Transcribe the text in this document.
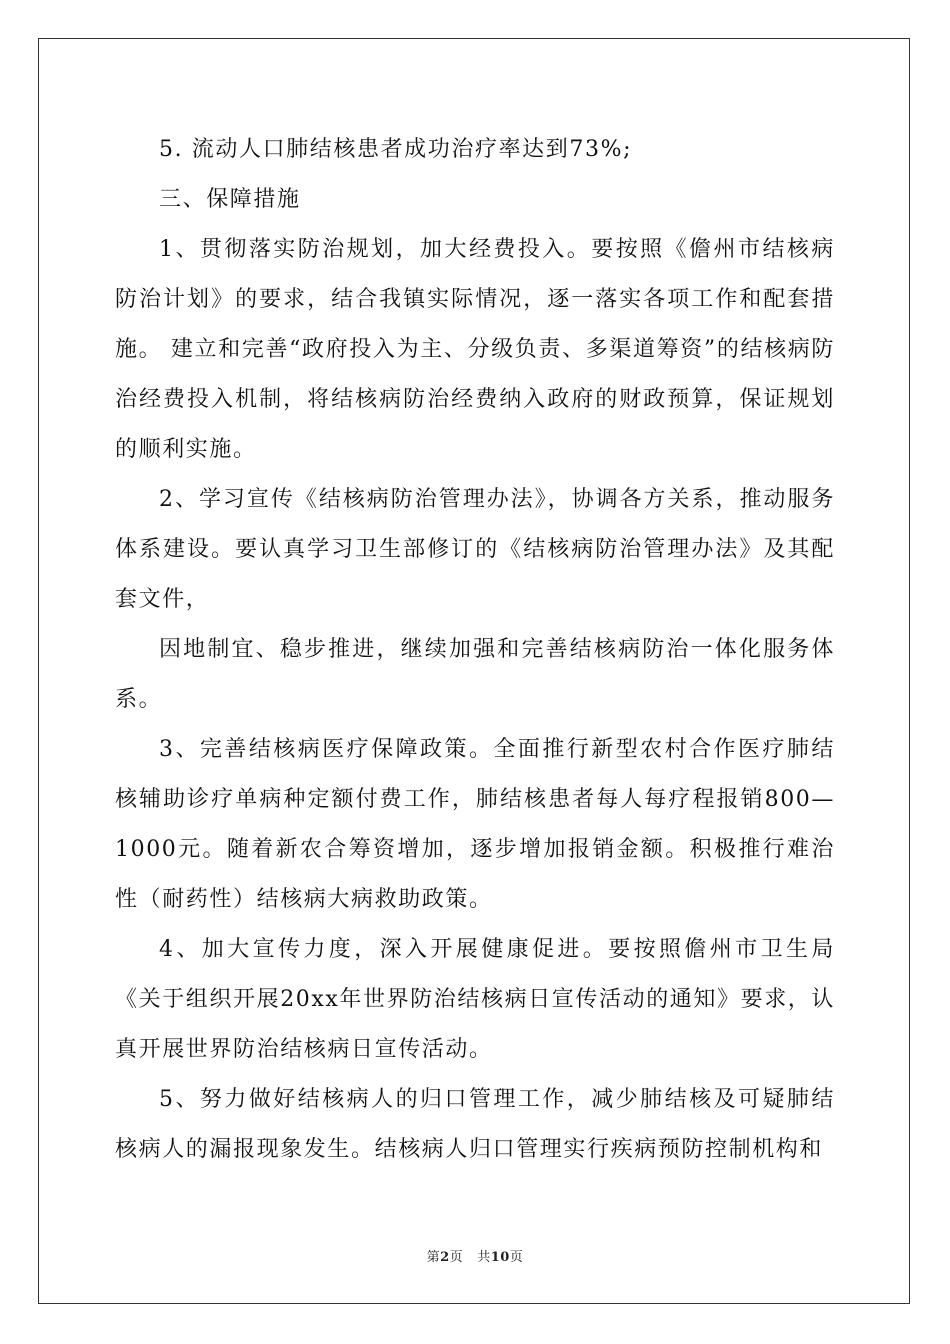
5. 流动人口肺结核患者成功治疗率达到73%;

三、保障措施

1、贯彻落实防治规划，加大经费投入。要按照《儋州市结核病防治计划》的要求，结合我镇实际情况，逐一落实各项工作和配套措施。 建立和完善“政府投入为主、分级负责、多渠道筹资”的结核病防治经费投入机制，将结核病防治经费纳入政府的财政预算，保证规划的顺利实施。

2、学习宣传《结核病防治管理办法》，协调各方关系，推动服务体系建设。要认真学习卫生部修订的《结核病防治管理办法》及其配套文件，

因地制宜、稳步推进，继续加强和完善结核病防治一体化服务体系。

3、完善结核病医疗保障政策。全面推行新型农村合作医疗肺结核辅助诊疗单病种定额付费工作，肺结核患者每人每疗程报销800—1000元。随着新农合筹资增加，逐步增加报销金额。积极推行难治性（耐药性）结核病大病救助政策。

4、加大宣传力度，深入开展健康促进。要按照儋州市卫生局《关于组织开展20xx年世界防治结核病日宣传活动的通知》要求，认真开展世界防治结核病日宣传活动。

5、努力做好结核病人的归口管理工作，减少肺结核及可疑肺结核病人的漏报现象发生。结核病人归口管理实行疾病预防控制机构和

第2页 共10页
